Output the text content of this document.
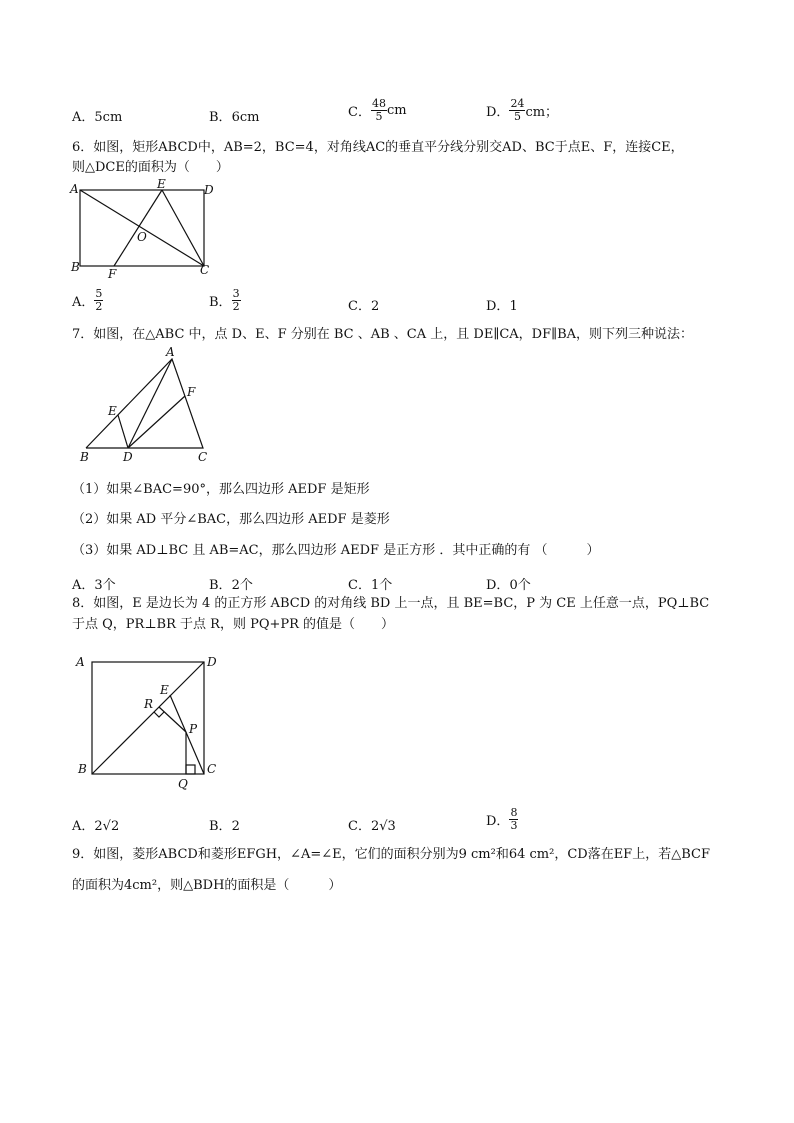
A．5cm	B．6cm	C． $\frac{48}{5}$ cm	D． $\frac{24}{5}$ cm；
6．如图，矩形ABCD中，AB=2，BC=4，对角线AC的垂直平分线分别交AD、BC于点E、F，连接CE，
则△DCE的面积为（　　）
A
B	C
D
E
F
O
A． $\frac{5}{2}$	B． $\frac{3}{2}$	C．2	D．1
7．如图，在△ABC 中，点 D、E、F 分别在 BC 、AB 、CA 上，且 DE∥CA，DF∥BA，则下列三种说法：
A
B	C
D
E
F
（1）如果∠BAC=90°，那么四边形 AEDF 是矩形
（2）如果 AD 平分∠BAC，那么四边形 AEDF 是菱形
（3）如果 AD⊥BC 且 AB=AC，那么四边形 AEDF 是正方形 ．其中正确的有 （　　　）
A．3个	B．2个	C．1个	D．0个
8．如图，E 是边长为 4 的正方形 ABCD 的对角线 BD 上一点，且 BE=BC，P 为 CE 上任意一点，PQ⊥BC
于点 Q，PR⊥BR 于点 R，则 PQ+PR 的值是（　　）
A
B	C
D
E
P
Q
R
A．2√2	B．2	C．2√3	D． $\frac{8}{3}$
9．如图，菱形ABCD和菱形EFGH，∠A=∠E，它们的面积分别为9 cm²和64 cm²，CD落在EF上，若△BCF
的面积为4cm²，则△BDH的面积是（　　　）
